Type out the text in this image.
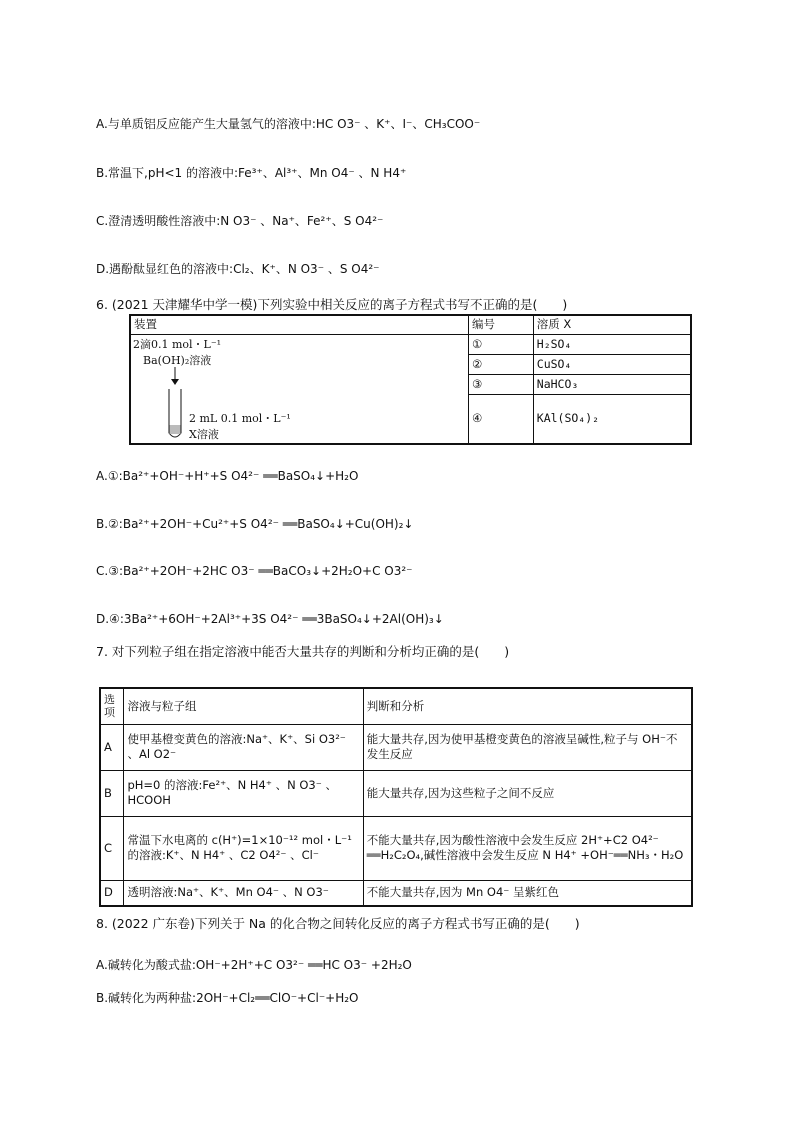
A.与单质铝反应能产生大量氢气的溶液中:HC O3⁻ 、K⁺、I⁻、CH₃COO⁻
B.常温下,pH<1 的溶液中:Fe³⁺、Al³⁺、Mn O4⁻ 、N H4⁺
C.澄清透明酸性溶液中:N O3⁻ 、Na⁺、Fe²⁺、S O4²⁻
D.遇酚酞显红色的溶液中:Cl₂、K⁺、N O3⁻ 、S O4²⁻
6. (2021 天津耀华中学一模)下列实验中相关反应的离子方程式书写不正确的是(　　)
装置	编号	溶质 X

2滴0.1 mol・L⁻¹
Ba(OH)₂溶液
2 mL 0.1 mol・L⁻¹
X溶液	①	H₂SO₄
	②	CuSO₄
	③	NaHCO₃
	④	KAl(SO₄)₂
A.①:Ba²⁺+OH⁻+H⁺+S O4²⁻ ══BaSO₄↓+H₂O
B.②:Ba²⁺+2OH⁻+Cu²⁺+S O4²⁻ ══BaSO₄↓+Cu(OH)₂↓
C.③:Ba²⁺+2OH⁻+2HC O3⁻ ══BaCO₃↓+2H₂O+C O3²⁻
D.④:3Ba²⁺+6OH⁻+2Al³⁺+3S O4²⁻ ══3BaSO₄↓+2Al(OH)₃↓
7. 对下列粒子组在指定溶液中能否大量共存的判断和分析均正确的是(　　)
选项	溶液与粒子组	判断和分析
A	使甲基橙变黄色的溶液:Na⁺、K⁺、Si O3²⁻ 、Al O2⁻	能大量共存,因为使甲基橙变黄色的溶液呈碱性,粒子与 OH⁻不发生反应
B	pH=0 的溶液:Fe²⁺、N H4⁺ 、N O3⁻ 、HCOOH	能大量共存,因为这些粒子之间不反应
C	常温下水电离的 c(H⁺)=1×10⁻¹² mol・L⁻¹的溶液:K⁺、N H4⁺ 、C2 O4²⁻ 、Cl⁻	不能大量共存,因为酸性溶液中会发生反应 2H⁺+C2 O4²⁻ ══H₂C₂O₄,碱性溶液中会发生反应 N H4⁺ +OH⁻══NH₃・H₂O
D	透明溶液:Na⁺、K⁺、Mn O4⁻ 、N O3⁻	不能大量共存,因为 Mn O4⁻ 呈紫红色
8. (2022 广东卷)下列关于 Na 的化合物之间转化反应的离子方程式书写正确的是(　　)
A.碱转化为酸式盐:OH⁻+2H⁺+C O3²⁻ ══HC O3⁻ +2H₂O
B.碱转化为两种盐:2OH⁻+Cl₂══ClO⁻+Cl⁻+H₂O
